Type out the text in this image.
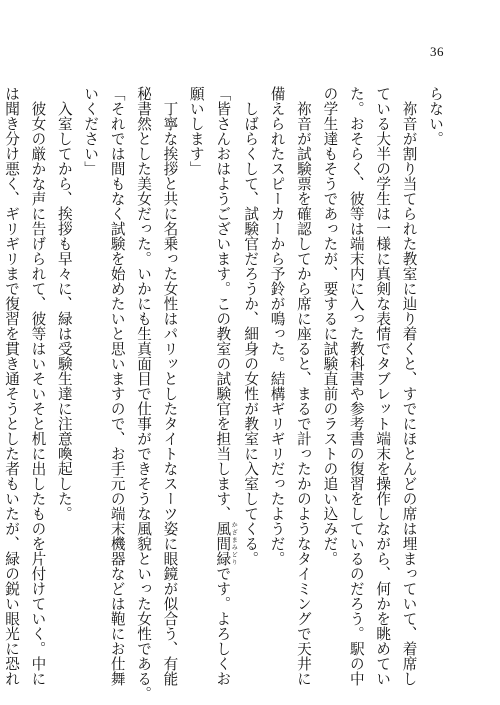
36
らない。
　祢音が割り当てられた教室に辿り着くと、すでにほとんどの席は埋まっていて、着席し
ている大半の学生は一様に真剣な表情でタブレット端末を操作しながら、何かを眺めてい
た。おそらく、彼等は端末内に入った教科書や参考書の復習をしているのだろう。駅の中
の学生達もそうであったが、要するに試験直前のラストの追い込みだ。
　祢音が試験票を確認してから席に座ると、まるで計ったかのようなタイミングで天井に
備えられたスピーカーから予鈴が鳴った。結構ギリギリだったようだ。
　しばらくして、試験官だろうか、細身の女性が教室に入室してくる。
「皆さんおはようございます。この教室の試験官を担当します、風間緑 かざまみどりです。よろしくお
願いします」
　丁寧な挨拶と共に名乗った女性はパリッとしたタイトなスーツ姿に眼鏡が似合う、有能
秘書然とした美女だった。いかにも生真面目で仕事ができそうな風貌といった女性である。
「それでは間もなく試験を始めたいと思いますので、お手元の端末機器などは鞄にお仕舞
いください」
　入室してから、挨拶も早々に、緑は受験生達に注意喚起した。
　彼女の厳かな声に告げられて、彼等はいそいそと机に出したものを片付けていく。中に
は聞き分け悪く、ギリギリまで復習を貫き通そうとした者もいたが、緑の鋭い眼光に恐れ
